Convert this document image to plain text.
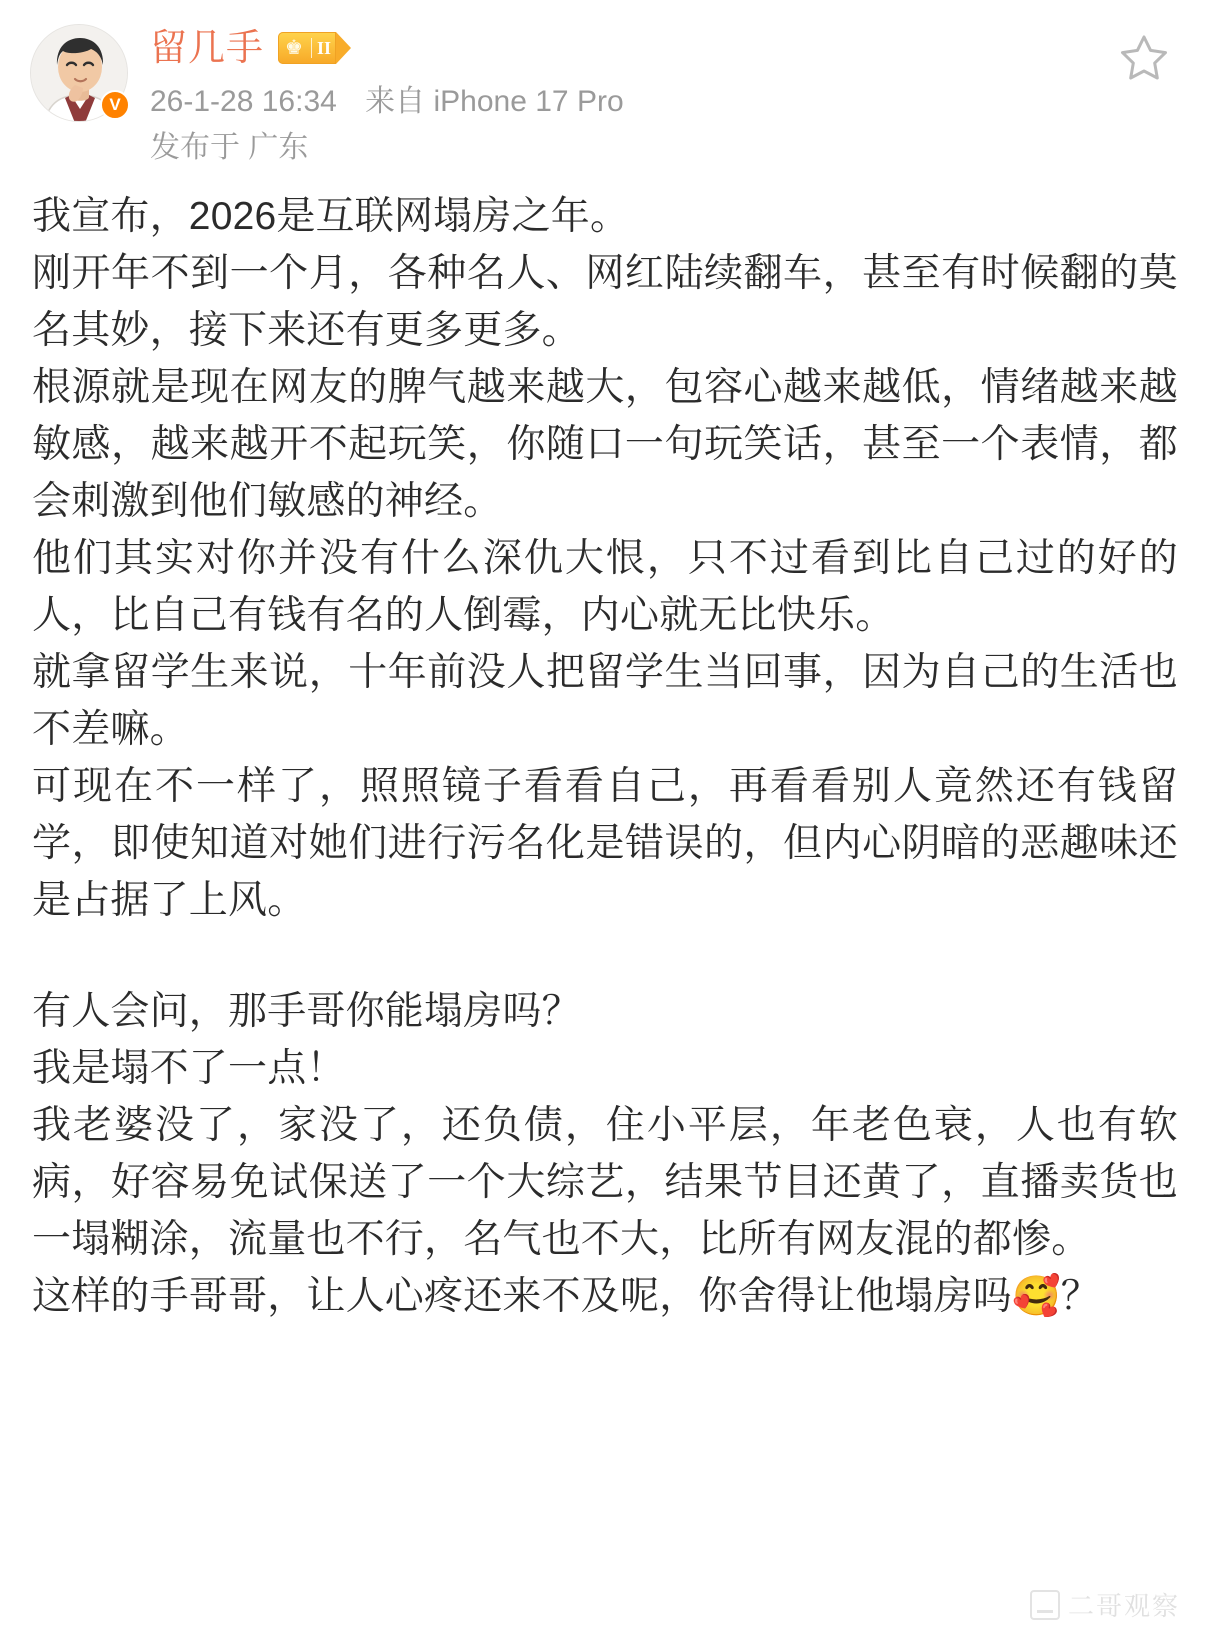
V
留几手 ♚ II
26-1-28 16:34 来自 iPhone 17 Pro
发布于 广东

我宣布，2026是互联网塌房之年。

刚开年不到一个月，各种名人、网红陆续翻车，甚至有时候翻的莫名其妙，接下来还有更多更多。

根源就是现在网友的脾气越来越大，包容心越来越低，情绪越来越敏感，越来越开不起玩笑，你随口一句玩笑话，甚至一个表情，都会刺激到他们敏感的神经。

他们其实对你并没有什么深仇大恨，只不过看到比自己过的好的人，比自己有钱有名的人倒霉，内心就无比快乐。

就拿留学生来说，十年前没人把留学生当回事，因为自己的生活也不差嘛。

可现在不一样了，照照镜子看看自己，再看看别人竟然还有钱留学，即使知道对她们进行污名化是错误的，但内心阴暗的恶趣味还是占据了上风。

有人会问，那手哥你能塌房吗？

我是塌不了一点！

我老婆没了，家没了，还负债，住小平层，年老色衰，人也有软病，好容易免试保送了一个大综艺，结果节目还黄了，直播卖货也一塌糊涂，流量也不行，名气也不大，比所有网友混的都惨。

这样的手哥哥，让人心疼还来不及呢，你舍得让他塌房吗🥰？

二哥观察
